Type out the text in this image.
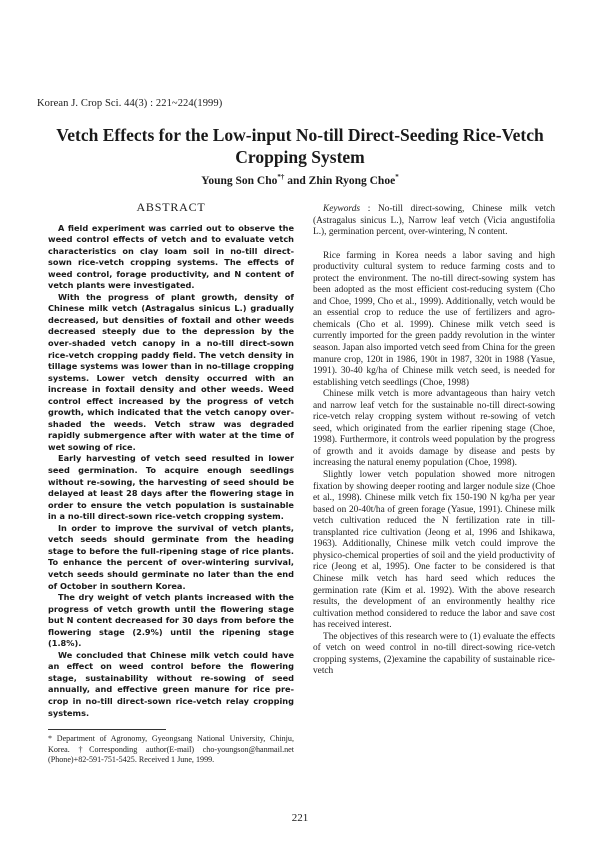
Korean J. Crop Sci. 44(3) : 221~224(1999)
Vetch Effects for the Low-input No-till Direct-Seeding Rice-Vetch Cropping System
Young Son Cho*† and Zhin Ryong Choe*
ABSTRACT

A field experiment was carried out to observe the weed control effects of vetch and to evaluate vetch characteristics on clay loam soil in no-till direct-sown rice-vetch cropping systems. The effects of weed control, forage productivity, and N content of vetch plants were investigated.

With the progress of plant growth, density of Chinese milk vetch (Astragalus sinicus L.) gradually decreased, but densities of foxtail and other weeds decreased steeply due to the depression by the over-shaded vetch canopy in a no-till direct-sown rice-vetch cropping paddy field. The vetch density in tillage systems was lower than in no-tillage cropping systems. Lower vetch density occurred with an increase in foxtail density and other weeds. Weed control effect increased by the progress of vetch growth, which indicated that the vetch canopy over-shaded the weeds. Vetch straw was degraded rapidly submergence after with water at the time of wet sowing of rice.

Early harvesting of vetch seed resulted in lower seed germination. To acquire enough seedlings without re-sowing, the harvesting of seed should be delayed at least 28 days after the flowering stage in order to ensure the vetch population is sustainable in a no-till direct-sown rice-vetch cropping system.

In order to improve the survival of vetch plants, vetch seeds should germinate from the heading stage to before the full-ripening stage of rice plants. To enhance the percent of over-wintering survival, vetch seeds should germinate no later than the end of October in southern Korea.

The dry weight of vetch plants increased with the progress of vetch growth until the flowering stage but N content decreased for 30 days from before the flowering stage (2.9%) until the ripening stage (1.8%).

We concluded that Chinese milk vetch could have an effect on weed control before the flowering stage, sustainability without re-sowing of seed annually, and effective green manure for rice pre-crop in no-till direct-sown rice-vetch relay cropping systems.

* Department of Agronomy, Gyeongsang National University, Chinju, Korea. †Corresponding author(E-mail) cho-youngson@hanmail.net (Phone)+82-591-751-5425. Received 1 June, 1999.

Keywords : No-till direct-sowing, Chinese milk vetch (Astragalus sinicus L.), Narrow leaf vetch (Vicia angustifolia L.), germination percent, over-wintering, N content.

Rice farming in Korea needs a labor saving and high productivity cultural system to reduce farming costs and to protect the environment. The no-till direct-sowing system has been adopted as the most efficient cost-reducing system (Cho and Choe, 1999, Cho et al., 1999). Additionally, vetch would be an essential crop to reduce the use of fertilizers and agro-chemicals (Cho et al. 1999). Chinese milk vetch seed is currently imported for the green paddy revolution in the winter season. Japan also imported vetch seed from China for the green manure crop, 120t in 1986, 190t in 1987, 320t in 1988 (Yasue, 1991). 30-40 kg/ha of Chinese milk vetch seed, is needed for establishing vetch seedlings (Choe, 1998)

Chinese milk vetch is more advantageous than hairy vetch and narrow leaf vetch for the sustainable no-till direct-sowing rice-vetch relay cropping system without re-sowing of vetch seed, which originated from the earlier ripening stage (Choe, 1998). Furthermore, it controls weed population by the progress of growth and it avoids damage by disease and pests by increasing the natural enemy population (Choe, 1998).

Slightly lower vetch population showed more nitrogen fixation by showing deeper rooting and larger nodule size (Choe et al., 1998). Chinese milk vetch fix 150-190 N kg/ha per year based on 20-40t/ha of green forage (Yasue, 1991). Chinese milk vetch cultivation reduced the N fertilization rate in till-transplanted rice cultivation (Jeong et al, 1996 and Ishikawa, 1963). Additionally, Chinese milk vetch could improve the physico-chemical properties of soil and the yield productivity of rice (Jeong et al, 1995). One facter to be considered is that Chinese milk vetch has hard seed which reduces the germination rate (Kim et al. 1992). With the above research results, the development of an environmently healthy rice cultivation method considered to reduce the labor and save cost has received interest.

The objectives of this research were to (1) evaluate the effects of vetch on weed control in no-till direct-sowing rice-vetch cropping systems, (2)examine the capability of sustainable rice-vetch

221
